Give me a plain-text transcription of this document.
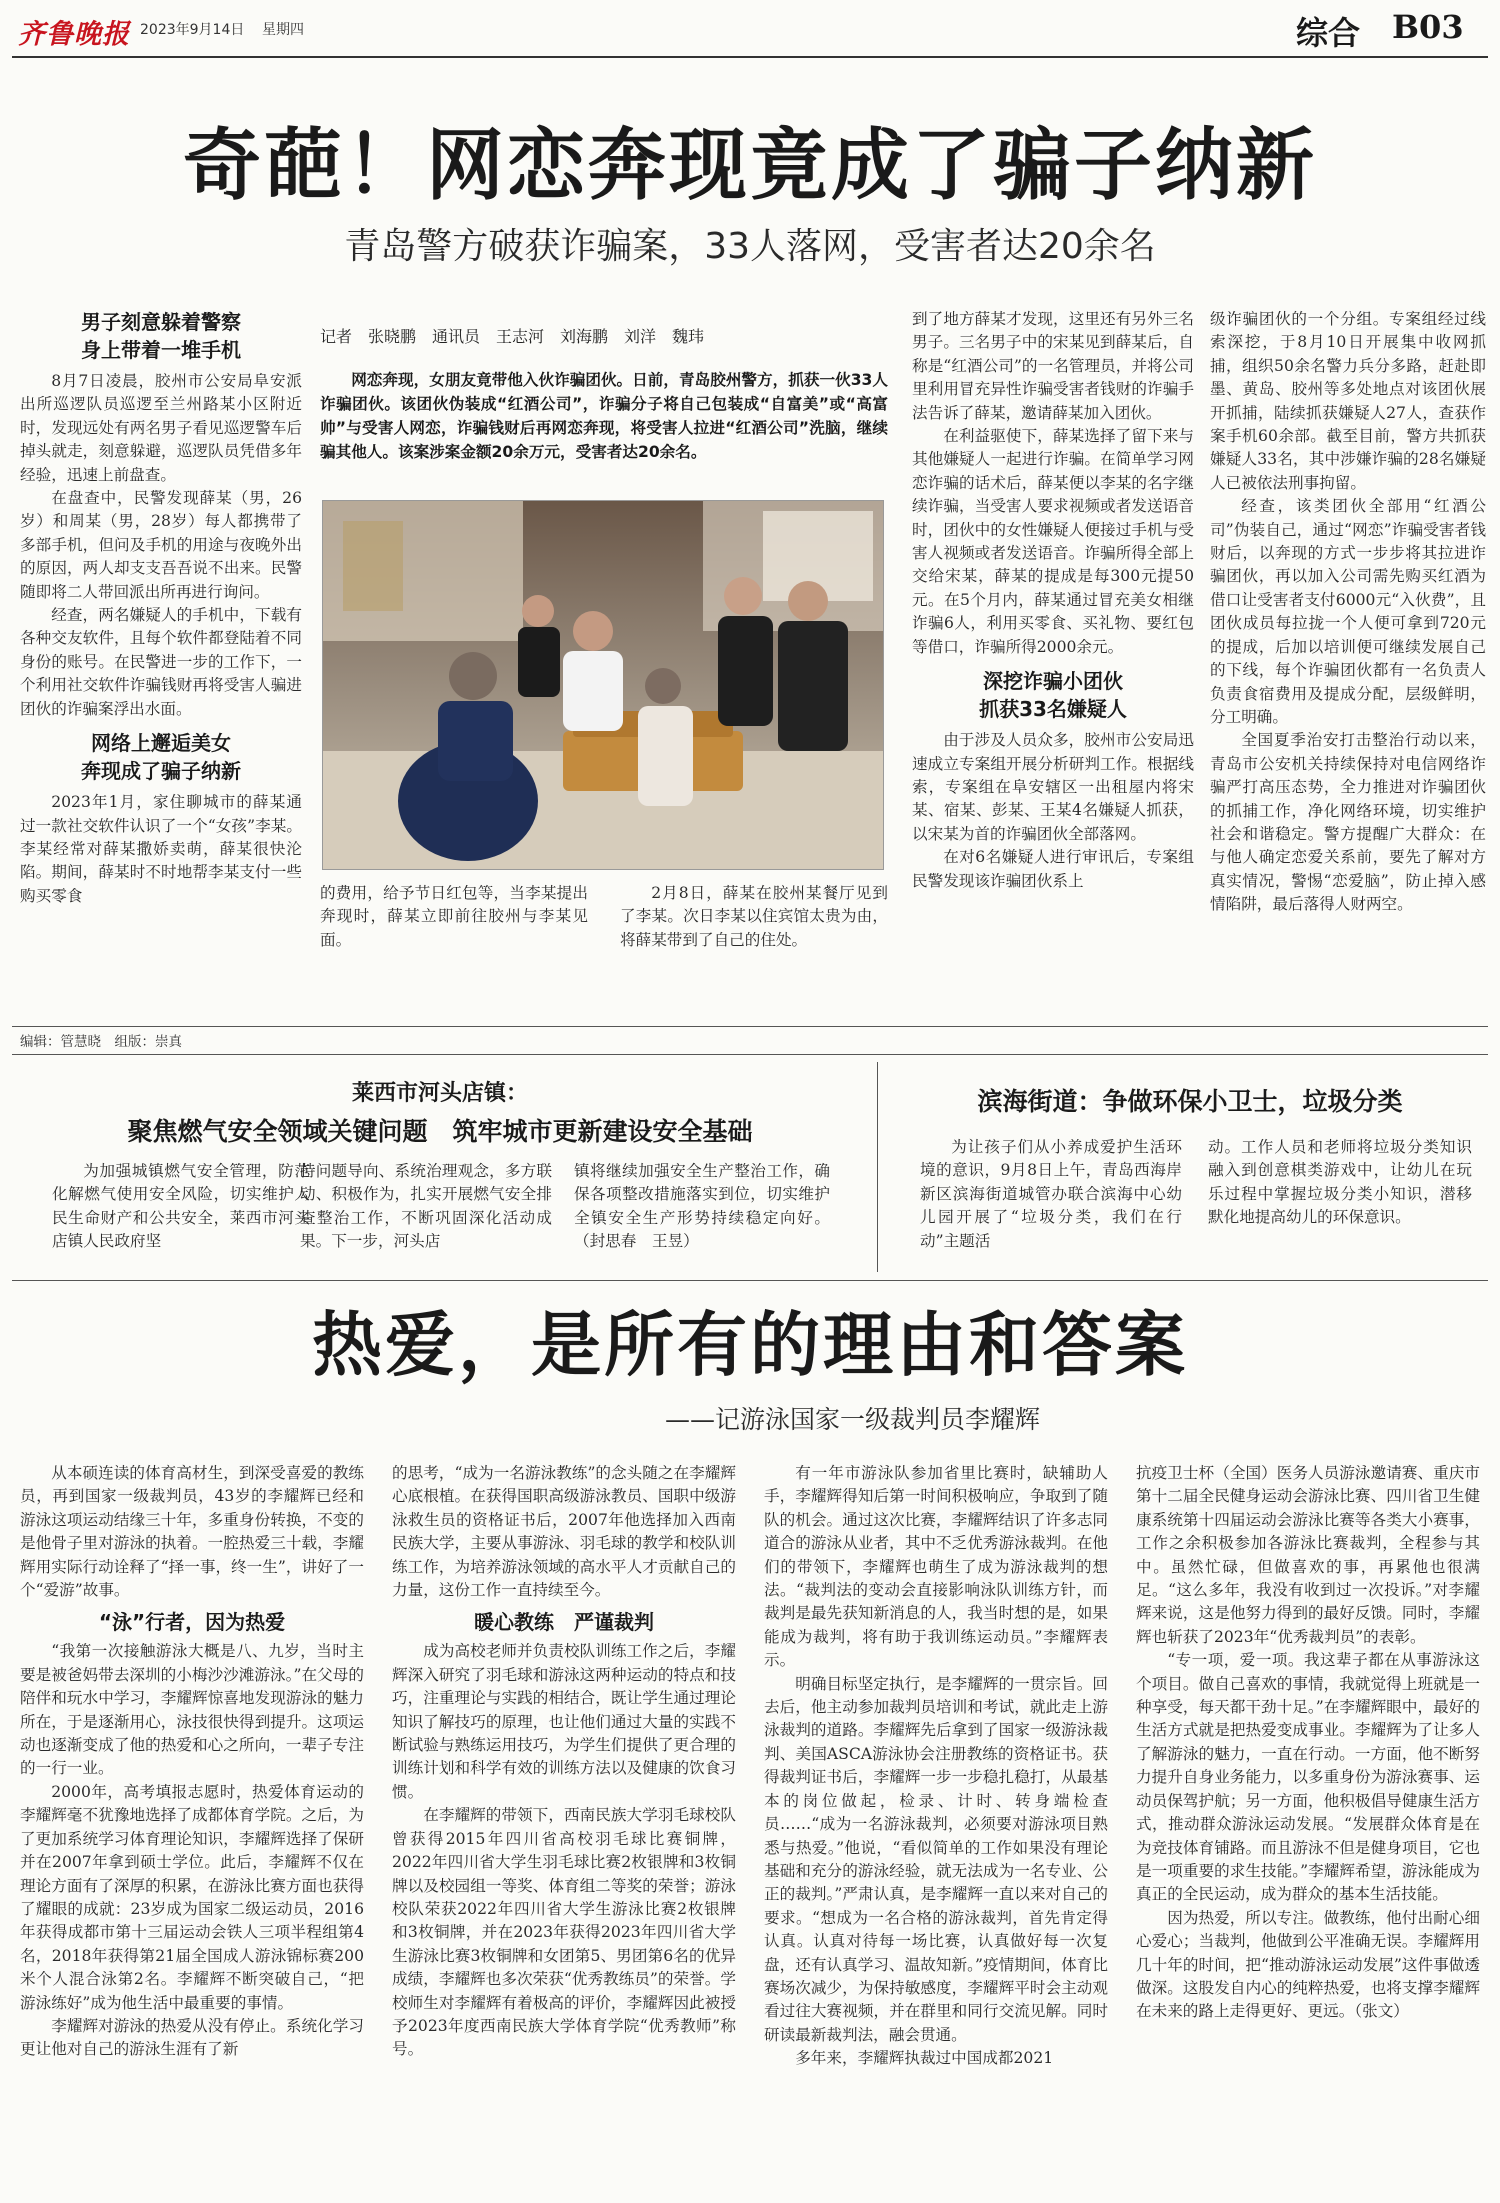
齐鲁晚报 2023年9月14日 星期四	综合 B03
奇葩！网恋奔现竟成了骗子纳新
青岛警方破获诈骗案，33人落网，受害者达20余名
男子刻意躲着警察
身上带着一堆手机

8月7日凌晨，胶州市公安局阜安派出所巡逻队员巡逻至兰州路某小区附近时，发现远处有两名男子看见巡逻警车后掉头就走，刻意躲避，巡逻队员凭借多年经验，迅速上前盘查。

在盘查中，民警发现薛某（男，26岁）和周某（男，28岁）每人都携带了多部手机，但问及手机的用途与夜晚外出的原因，两人却支支吾吾说不出来。民警随即将二人带回派出所再进行询问。

经查，两名嫌疑人的手机中，下载有各种交友软件，且每个软件都登陆着不同身份的账号。在民警进一步的工作下，一个利用社交软件诈骗钱财再将受害人骗进团伙的诈骗案浮出水面。

网络上邂逅美女
奔现成了骗子纳新

2023年1月，家住聊城市的薛某通过一款社交软件认识了一个“女孩”李某。李某经常对薛某撒娇卖萌，薛某很快沦陷。期间，薛某时不时地帮李某支付一些购买零食

记者　张晓鹏　通讯员　王志河　刘海鹏　刘洋　魏玮
网恋奔现，女朋友竟带他入伙诈骗团伙。日前，青岛胶州警方，抓获一伙33人诈骗团伙。该团伙伪装成“红酒公司”，诈骗分子将自己包装成“自富美”或“高富帅”与受害人网恋，诈骗钱财后再网恋奔现，将受害人拉进“红酒公司”洗脑，继续骗其他人。该案涉案金额20余万元，受害者达20余名。

的费用，给予节日红包等，当李某提出奔现时，薛某立即前往胶州与李某见面。

2月8日，薛某在胶州某餐厅见到了李某。次日李某以住宾馆太贵为由，将薛某带到了自己的住处。

到了地方薛某才发现，这里还有另外三名男子。三名男子中的宋某见到薛某后，自称是“红酒公司”的一名管理员，并将公司里利用冒充异性诈骗受害者钱财的诈骗手法告诉了薛某，邀请薛某加入团伙。

在利益驱使下，薛某选择了留下来与其他嫌疑人一起进行诈骗。在简单学习网恋诈骗的话术后，薛某便以李某的名字继续诈骗，当受害人要求视频或者发送语音时，团伙中的女性嫌疑人便接过手机与受害人视频或者发送语音。诈骗所得全部上交给宋某，薛某的提成是每300元提50元。在5个月内，薛某通过冒充美女相继诈骗6人，利用买零食、买礼物、要红包等借口，诈骗所得2000余元。

深挖诈骗小团伙
抓获33名嫌疑人

由于涉及人员众多，胶州市公安局迅速成立专案组开展分析研判工作。根据线索，专案组在阜安辖区一出租屋内将宋某、宿某、彭某、王某4名嫌疑人抓获，以宋某为首的诈骗团伙全部落网。

在对6名嫌疑人进行审讯后，专案组民警发现该诈骗团伙系上

级诈骗团伙的一个分组。专案组经过线索深挖，于8月10日开展集中收网抓捕，组织50余名警力兵分多路，赶赴即墨、黄岛、胶州等多处地点对该团伙展开抓捕，陆续抓获嫌疑人27人，查获作案手机60余部。截至目前，警方共抓获嫌疑人33名，其中涉嫌诈骗的28名嫌疑人已被依法刑事拘留。

经查，该类团伙全部用“红酒公司”伪装自己，通过“网恋”诈骗受害者钱财后，以奔现的方式一步步将其拉进诈骗团伙，再以加入公司需先购买红酒为借口让受害者支付6000元“入伙费”，且团伙成员每拉拢一个人便可拿到720元的提成，后加以培训便可继续发展自己的下线，每个诈骗团伙都有一名负责人负责食宿费用及提成分配，层级鲜明，分工明确。

全国夏季治安打击整治行动以来，青岛市公安机关持续保持对电信网络诈骗严打高压态势，全力推进对诈骗团伙的抓捕工作，净化网络环境，切实维护社会和谐稳定。警方提醒广大群众：在与他人确定恋爱关系前，要先了解对方真实情况，警惕“恋爱脑”，防止掉入感情陷阱，最后落得人财两空。

编辑：管慧晓　组版：崇真
莱西市河头店镇：
聚焦燃气安全领域关键问题　筑牢城市更新建设安全基础

为加强城镇燃气安全管理，防范化解燃气使用安全风险，切实维护人民生命财产和公共安全，莱西市河头店镇人民政府坚

持问题导向、系统治理观念，多方联动、积极作为，扎实开展燃气安全排查整治工作，不断巩固深化活动成果。下一步，河头店

镇将继续加强安全生产整治工作，确保各项整改措施落实到位，切实维护全镇安全生产形势持续稳定向好。（封思春　王昱）

滨海街道：争做环保小卫士，垃圾分类

为让孩子们从小养成爱护生活环境的意识，9月8日上午，青岛西海岸新区滨海街道城管办联合滨海中心幼儿园开展了“垃圾分类，我们在行动”主题活

动。工作人员和老师将垃圾分类知识融入到创意棋类游戏中，让幼儿在玩乐过程中掌握垃圾分类小知识，潜移默化地提高幼儿的环保意识。

热爱，是所有的理由和答案
——记游泳国家一级裁判员李耀辉

从本硕连读的体育高材生，到深受喜爱的教练员，再到国家一级裁判员，43岁的李耀辉已经和游泳这项运动结缘三十年，多重身份转换，不变的是他骨子里对游泳的执着。一腔热爱三十载，李耀辉用实际行动诠释了“择一事，终一生”，讲好了一个“爱游”故事。

“泳”行者，因为热爱

“我第一次接触游泳大概是八、九岁，当时主要是被爸妈带去深圳的小梅沙沙滩游泳。”在父母的陪伴和玩水中学习，李耀辉惊喜地发现游泳的魅力所在，于是逐渐用心，泳技很快得到提升。这项运动也逐渐变成了他的热爱和心之所向，一辈子专注的一行一业。

2000年，高考填报志愿时，热爱体育运动的李耀辉毫不犹豫地选择了成都体育学院。之后，为了更加系统学习体育理论知识，李耀辉选择了保研并在2007年拿到硕士学位。此后，李耀辉不仅在理论方面有了深厚的积累，在游泳比赛方面也获得了耀眼的成就：23岁成为国家二级运动员，2016年获得成都市第十三届运动会铁人三项半程组第4名，2018年获得第21届全国成人游泳锦标赛200米个人混合泳第2名。李耀辉不断突破自己，“把游泳练好”成为他生活中最重要的事情。

李耀辉对游泳的热爱从没有停止。系统化学习更让他对自己的游泳生涯有了新

的思考，“成为一名游泳教练”的念头随之在李耀辉心底根植。在获得国职高级游泳教员、国职中级游泳救生员的资格证书后，2007年他选择加入西南民族大学，主要从事游泳、羽毛球的教学和校队训练工作，为培养游泳领域的高水平人才贡献自己的力量，这份工作一直持续至今。

暖心教练　严谨裁判

成为高校老师并负责校队训练工作之后，李耀辉深入研究了羽毛球和游泳这两种运动的特点和技巧，注重理论与实践的相结合，既让学生通过理论知识了解技巧的原理，也让他们通过大量的实践不断试验与熟练运用技巧，为学生们提供了更合理的训练计划和科学有效的训练方法以及健康的饮食习惯。

在李耀辉的带领下，西南民族大学羽毛球校队曾获得2015年四川省高校羽毛球比赛铜牌，2022年四川省大学生羽毛球比赛2枚银牌和3枚铜牌以及校园组一等奖、体育组二等奖的荣誉；游泳校队荣获2022年四川省大学生游泳比赛2枚银牌和3枚铜牌，并在2023年获得2023年四川省大学生游泳比赛3枚铜牌和女团第5、男团第6名的优异成绩，李耀辉也多次荣获“优秀教练员”的荣誉。学校师生对李耀辉有着极高的评价，李耀辉因此被授予2023年度西南民族大学体育学院“优秀教师”称号。

有一年市游泳队参加省里比赛时，缺辅助人手，李耀辉得知后第一时间积极响应，争取到了随队的机会。通过这次比赛，李耀辉结识了许多志同道合的游泳从业者，其中不乏优秀游泳裁判。在他们的带领下，李耀辉也萌生了成为游泳裁判的想法。“裁判法的变动会直接影响泳队训练方针，而裁判是最先获知新消息的人，我当时想的是，如果能成为裁判，将有助于我训练运动员。”李耀辉表示。

明确目标坚定执行，是李耀辉的一贯宗旨。回去后，他主动参加裁判员培训和考试，就此走上游泳裁判的道路。李耀辉先后拿到了国家一级游泳裁判、美国ASCA游泳协会注册教练的资格证书。获得裁判证书后，李耀辉一步一步稳扎稳打，从最基本的岗位做起，检录、计时、转身端检查员……“成为一名游泳裁判，必须要对游泳项目熟悉与热爱。”他说，“看似简单的工作如果没有理论基础和充分的游泳经验，就无法成为一名专业、公正的裁判。”严肃认真，是李耀辉一直以来对自己的要求。“想成为一名合格的游泳裁判，首先肯定得认真。认真对待每一场比赛，认真做好每一次复盘，还有认真学习、温故知新。”疫情期间，体育比赛场次减少，为保持敏感度，李耀辉平时会主动观看过往大赛视频，并在群里和同行交流见解。同时研读最新裁判法，融会贯通。

多年来，李耀辉执裁过中国成都2021

抗疫卫士杯（全国）医务人员游泳邀请赛、重庆市第十二届全民健身运动会游泳比赛、四川省卫生健康系统第十四届运动会游泳比赛等各类大小赛事，工作之余积极参加各游泳比赛裁判，全程参与其中。虽然忙碌，但做喜欢的事，再累他也很满足。“这么多年，我没有收到过一次投诉。”对李耀辉来说，这是他努力得到的最好反馈。同时，李耀辉也斩获了2023年“优秀裁判员”的表彰。

“专一项，爱一项。我这辈子都在从事游泳这个项目。做自己喜欢的事情，我就觉得上班就是一种享受，每天都干劲十足。”在李耀辉眼中，最好的生活方式就是把热爱变成事业。李耀辉为了让多人了解游泳的魅力，一直在行动。一方面，他不断努力提升自身业务能力，以多重身份为游泳赛事、运动员保驾护航；另一方面，他积极倡导健康生活方式，推动群众游泳运动发展。“发展群众体育是在为竞技体育铺路。而且游泳不但是健身项目，它也是一项重要的求生技能。”李耀辉希望，游泳能成为真正的全民运动，成为群众的基本生活技能。

因为热爱，所以专注。做教练，他付出耐心细心爱心；当裁判，他做到公平准确无误。李耀辉用几十年的时间，把“推动游泳运动发展”这件事做透做深。这股发自内心的纯粹热爱，也将支撑李耀辉在未来的路上走得更好、更远。（张文）
